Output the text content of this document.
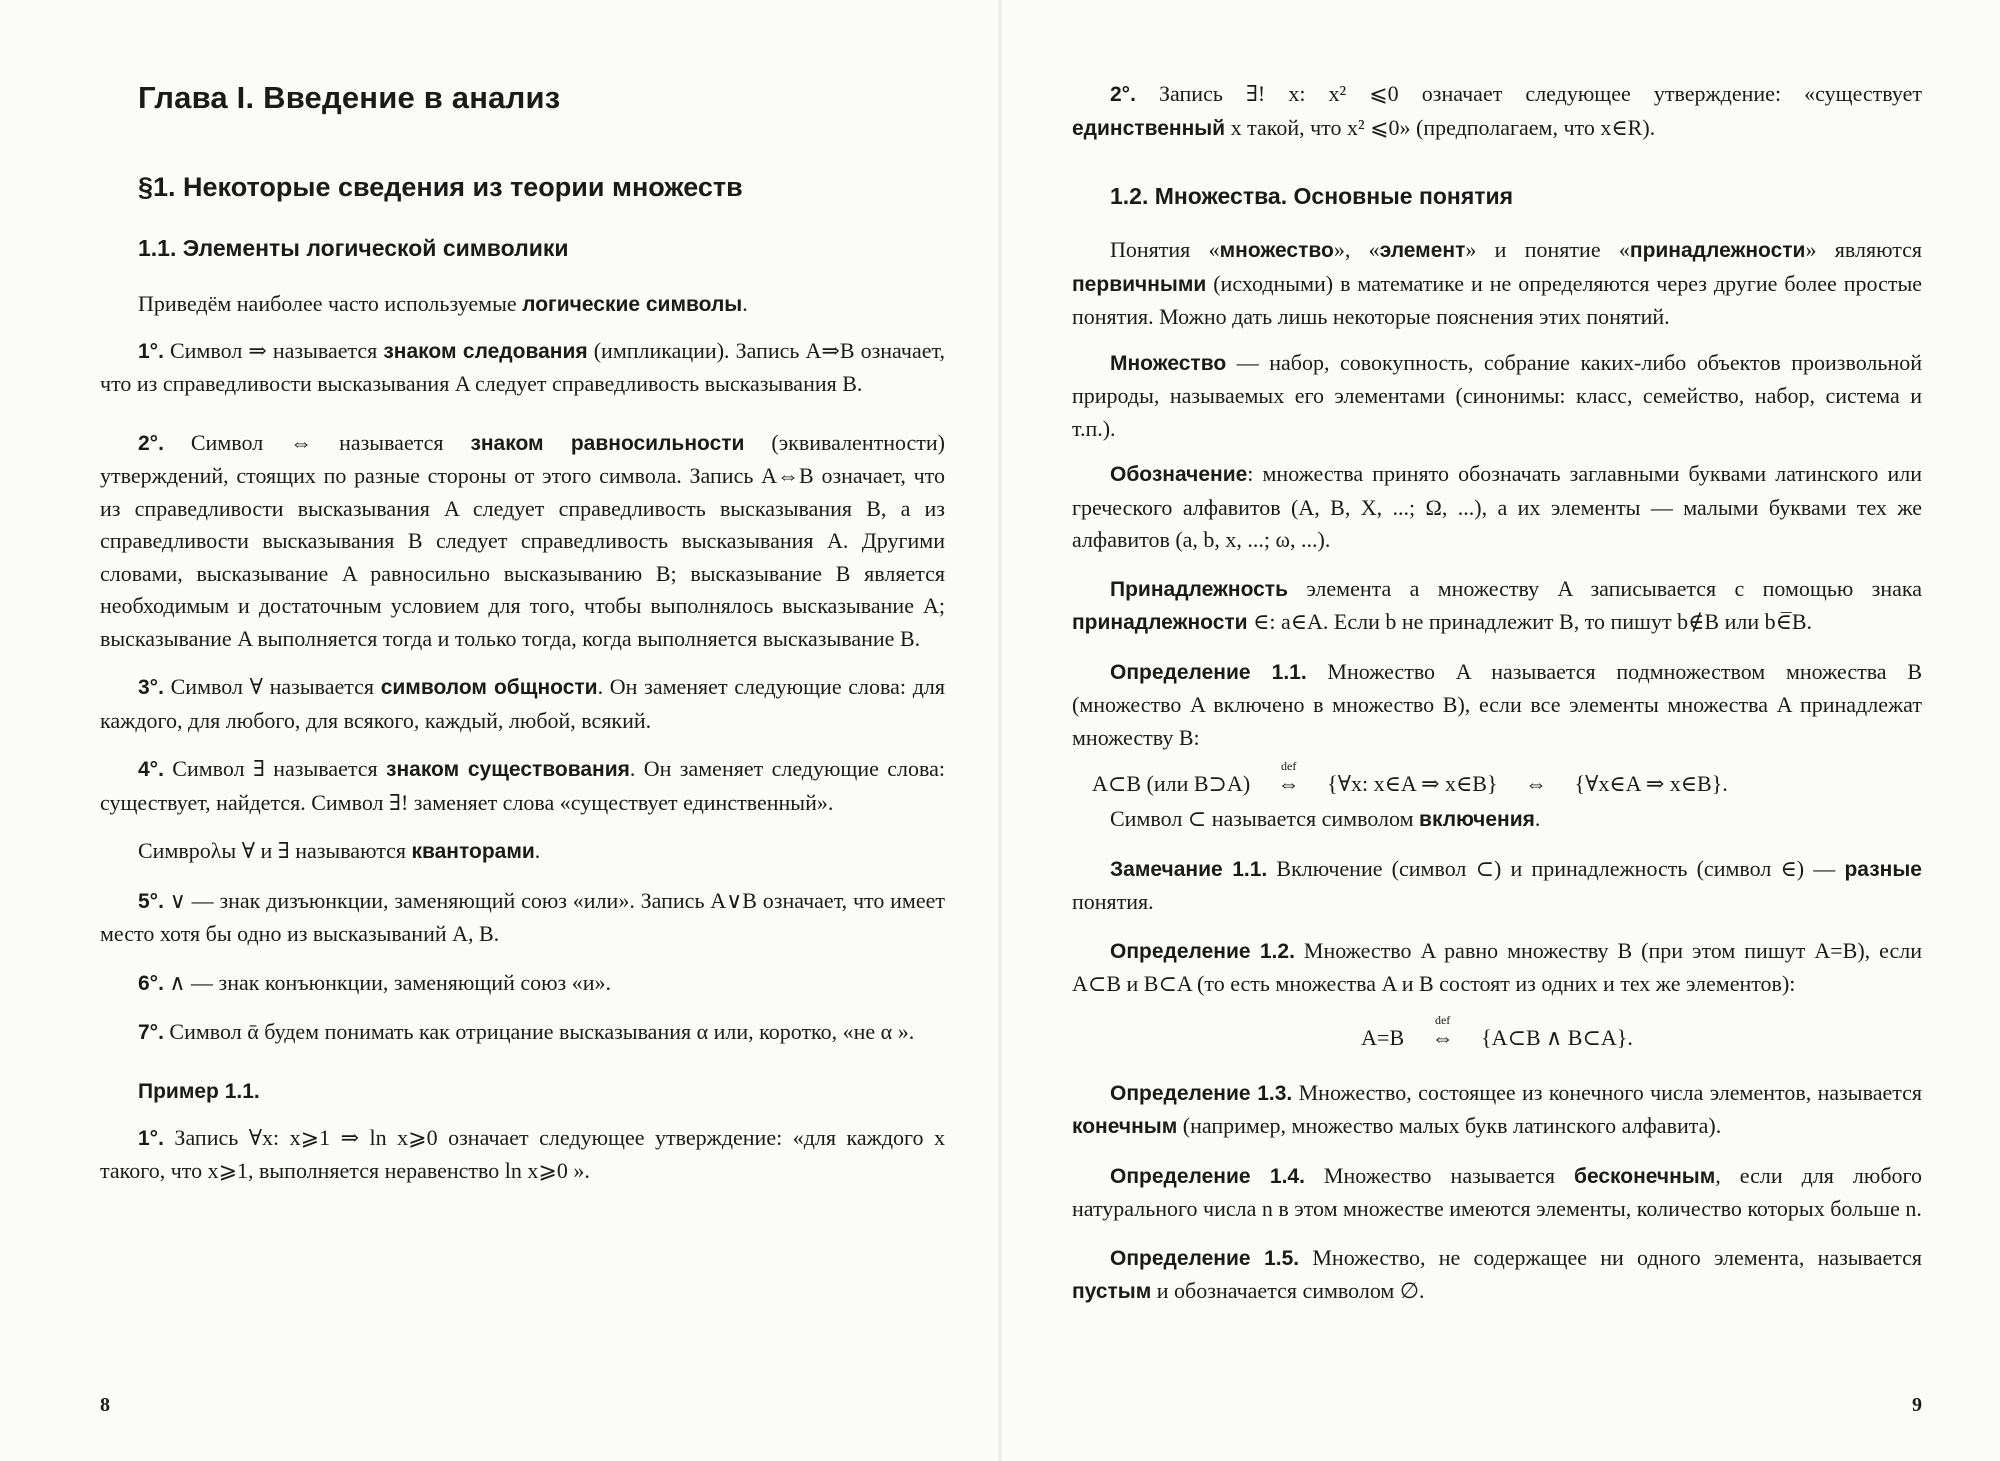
Глава I. Введение в анализ
§1. Некоторые сведения из теории множеств
1.1. Элементы логической символики

Приведём наиболее часто используемые логические символы.

1°. Символ ⇒ называется знаком следования (импликации). Запись A⇒B означает, что из справедливости высказывания A следует справедливость высказывания B.

2°. Символ ⇔ называется знаком равносильности (эквивалентности) утверждений, стоящих по разные стороны от этого символа. Запись A⇔B означает, что из справедливости высказывания A следует справедливость высказывания B, а из справедливости высказывания B следует справедливость высказывания A. Другими словами, высказывание A равносильно высказыванию B; высказывание B является необходимым и достаточным условием для того, чтобы выполнялось высказывание A; высказывание A выполняется тогда и только тогда, когда выполняется высказывание B.

3°. Символ ∀ называется символом общности. Он заменяет следующие слова: для каждого, для любого, для всякого, каждый, любой, всякий.

4°. Символ ∃ называется знаком существования. Он заменяет следующие слова: существует, найдется. Символ ∃! заменяет слова «существует единственный».

Симврολы ∀ и ∃ называются кванторами.

5°. ∨ — знак дизъюнкции, заменяющий союз «или». Запись A∨B означает, что имеет место хотя бы одно из высказываний A, B.

6°. ∧ — знак конъюнкции, заменяющий союз «и».

7°. Символ ᾱ будем понимать как отрицание высказывания α или, коротко, «не α ».

Пример 1.1.

1°. Запись ∀x: x⩾1 ⇒ ln x⩾0 означает следующее утверждение: «для каждого x такого, что x⩾1, выполняется неравенство ln x⩾0 ».

2°. Запись ∃! x: x² ⩽0 означает следующее утверждение: «существует единственный x такой, что x² ⩽0» (предполагаем, что x∈R).

1.2. Множества. Основные понятия

Понятия «множество», «элемент» и понятие «принадлежности» являются первичными (исходными) в математике и не определяются через другие более простые понятия. Можно дать лишь некоторые пояснения этих понятий.

Множество — набор, совокупность, собрание каких-либо объектов произвольной природы, называемых его элементами (синонимы: класс, семейство, набор, система и т.п.).

Обозначение: множества принято обозначать заглавными буквами латинского или греческого алфавитов (A, B, X, ...; Ω, ...), а их элементы — малыми буквами тех же алфавитов (a, b, x, ...; ω, ...).

Принадлежность элемента a множеству A записывается с помощью знака принадлежности ∈: a∈A. Если b не принадлежит B, то пишут b∉B или b∈̅B.

Определение 1.1. Множество A называется подмножеством множества B (множество A включено в множество B), если все элементы множества A принадлежат множеству B:

A⊂B (или B⊃A)
def
⇔ {∀x: x∈A ⇒ x∈B} ⇔ {∀x∈A ⇒ x∈B}.

Символ ⊂ называется символом включения.

Замечание 1.1. Включение (символ ⊂) и принадлежность (символ ∈) — разные понятия.

Определение 1.2. Множество A равно множеству B (при этом пишут A=B), если A⊂B и B⊂A (то есть множества A и B состоят из одних и тех же элементов):

A=B
def
⇔ {A⊂B ∧ B⊂A}.

Определение 1.3. Множество, состоящее из конечного числа элементов, называется конечным (например, множество малых букв латинского алфавита).

Определение 1.4. Множество называется бесконечным, если для любого натурального числа n в этом множестве имеются элементы, количество которых больше n.

Определение 1.5. Множество, не содержащее ни одного элемента, называется пустым и обозначается символом ∅.

8	9
